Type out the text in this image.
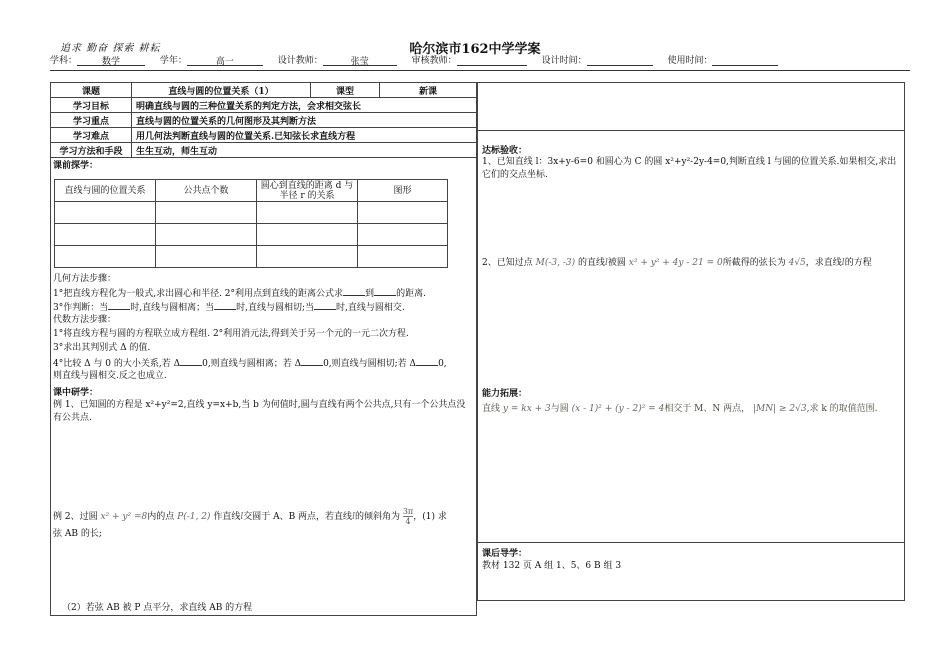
追求 勤奋 探索 耕耘	哈尔滨市162中学学案
学科：	数学	学年：	高一	设计教师：	张莹	审核教师：	设计时间：	使用时间：
课题	直线与圆的位置关系（1）	课型	新课
学习目标	明确直线与圆的三种位置关系的判定方法，会求相交弦长		
学习重点	直线与圆的位置关系的几何图形及其判断方法		
学习难点	用几何法判断直线与圆的位置关系.已知弦长求直线方程		
学习方法和手段	生生互动，师生互动		
课前探学：
直线与圆的位置关系	公共点个数	圆心到直线的距离 d 与半径 r 的关系	图形

几何方法步骤：
1°把直线方程化为一般式,求出圆心和半径. 2°利用点到直线的距离公式求 到 的距离.
3°作判断：当 时,直线与圆相离；当 时,直线与圆相切;当 时,直线与圆相交.
代数方法步骤：
1°将直线方程与圆的方程联立成方程组. 2°利用消元法,得到关于另一个元的一元二次方程.
3°求出其判别式 Δ 的值.
4°比较 Δ 与 0 的大小关系,若 Δ 0,则直线与圆相离；若 Δ 0,则直线与圆相切;若 Δ 0,
则直线与圆相交.反之也成立.
课中研学：
例 1、已知圆的方程是 x²+y²=2,直线 y=x+b,当 b 为何值时,圆与直线有两个公共点,只有一个公共点没有公共点.
例 2、过圆 x² + y² =8内的点 P(-1, 2) 作直线l交圆于 A、B 两点，若直线l的倾斜角为 $\frac{3\pi}{4}$ ，(1) 求
弦 AB 的长;
（2）若弦 AB 被 P 点平分，求直线 AB 的方程
达标验收：
1、已知直线 l：3x+y-6=0 和圆心为 C 的圆 x²+y²-2y-4=0,判断直线 l 与圆的位置关系.如果相交,求出它们的交点坐标.
2、已知过点 M(-3, -3) 的直线l被圆 x² + y² + 4y - 21 = 0所截得的弦长为 4√5，求直线l的方程
能力拓展：
直线 y = kx + 3与圆 (x - 1)² + (y - 2)² = 4相交于 M、N 两点， |MN| ≥ 2√3,求 k 的取值范围.
课后导学：
教材 132 页 A 组 1、5、6 B 组 3
